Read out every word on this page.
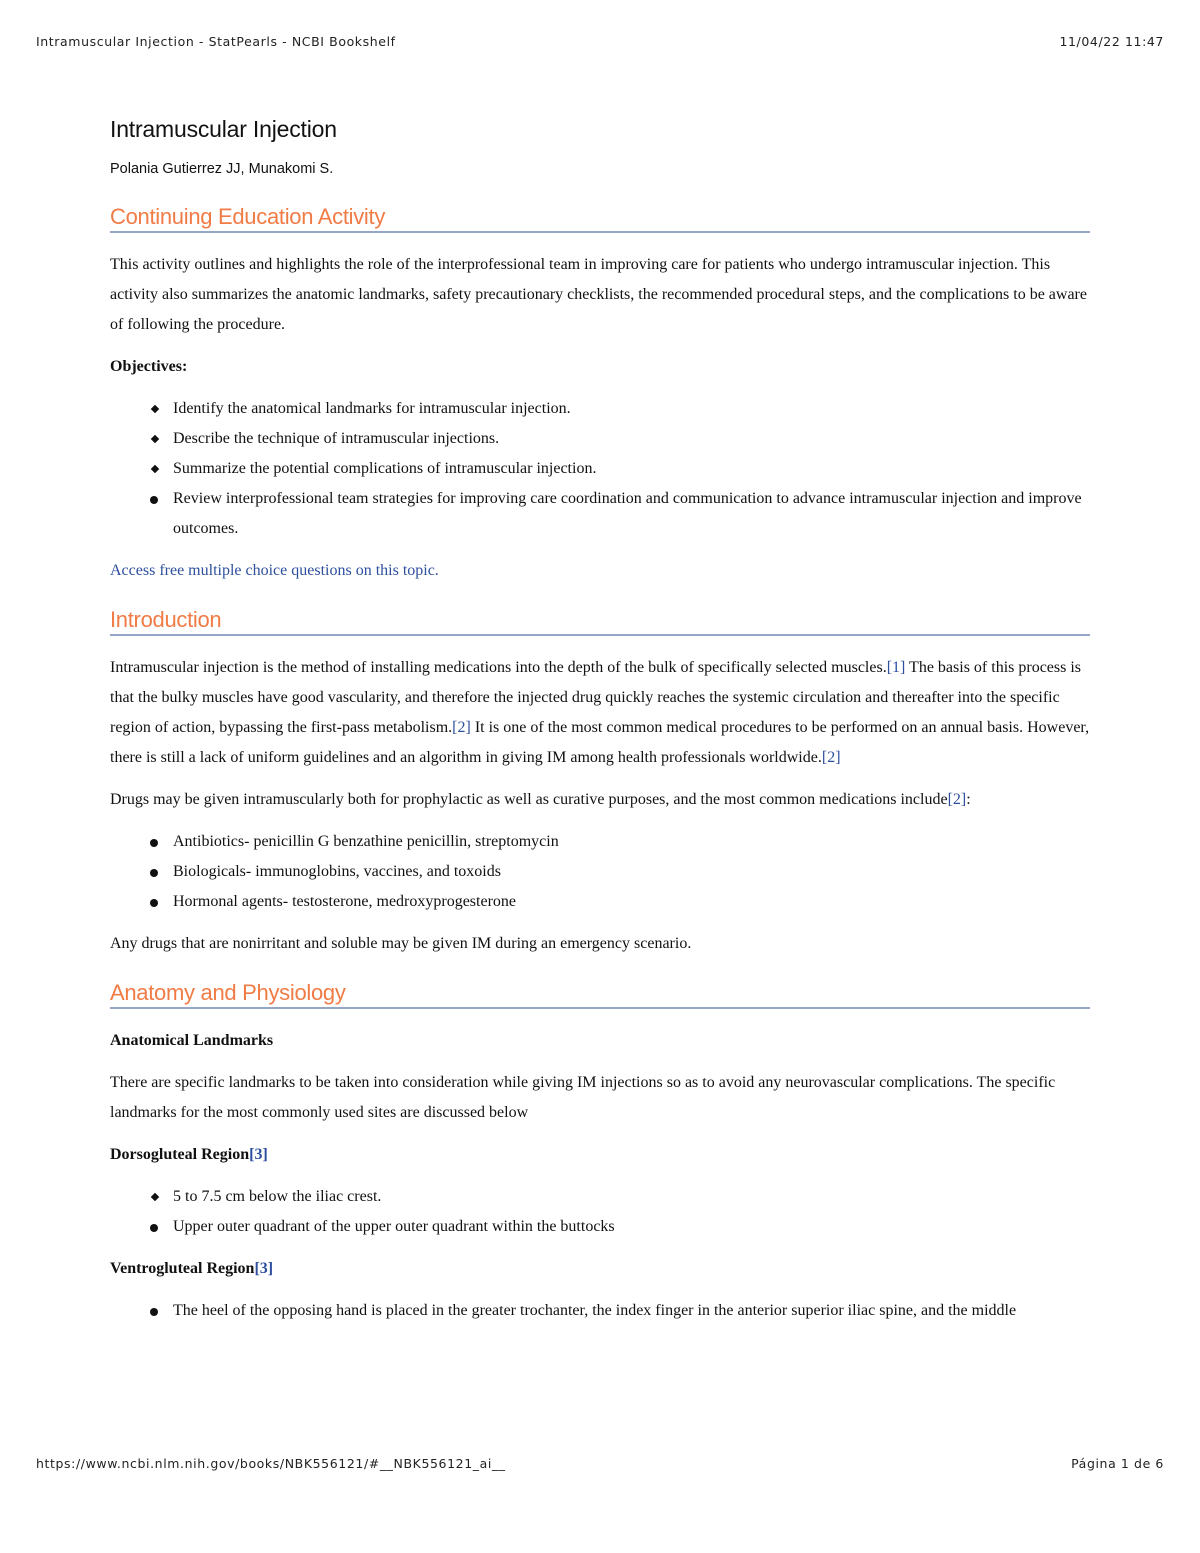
Intramuscular Injection - StatPearls - NCBI Bookshelf	11/04/22 11:47
Intramuscular Injection
Polania Gutierrez JJ, Munakomi S.
Continuing Education Activity

This activity outlines and highlights the role of the interprofessional team in improving care for patients who undergo intramuscular injection. This activity also summarizes the anatomic landmarks, safety precautionary checklists, the recommended procedural steps, and the complications to be aware of following the procedure.

Objectives:
Identify the anatomical landmarks for intramuscular injection.
Describe the technique of intramuscular injections.
Summarize the potential complications of intramuscular injection.
Review interprofessional team strategies for improving care coordination and communication to advance intramuscular injection and improve outcomes.

Access free multiple choice questions on this topic.

Introduction

Intramuscular injection is the method of installing medications into the depth of the bulk of specifically selected muscles.[1] The basis of this process is that the bulky muscles have good vascularity, and therefore the injected drug quickly reaches the systemic circulation and thereafter into the specific region of action, bypassing the first-pass metabolism.[2] It is one of the most common medical procedures to be performed on an annual basis. However, there is still a lack of uniform guidelines and an algorithm in giving IM among health professionals worldwide.[2]

Drugs may be given intramuscularly both for prophylactic as well as curative purposes, and the most common medications include[2]:

Antibiotics- penicillin G benzathine penicillin, streptomycin
Biologicals- immunoglobins, vaccines, and toxoids
Hormonal agents- testosterone, medroxyprogesterone

Any drugs that are nonirritant and soluble may be given IM during an emergency scenario.

Anatomy and Physiology
Anatomical Landmarks

There are specific landmarks to be taken into consideration while giving IM injections so as to avoid any neurovascular complications. The specific landmarks for the most commonly used sites are discussed below

Dorsogluteal Region[3]
5 to 7.5 cm below the iliac crest.
Upper outer quadrant of the upper outer quadrant within the buttocks
Ventrogluteal Region[3]
The heel of the opposing hand is placed in the greater trochanter, the index finger in the anterior superior iliac spine, and the middle
https://www.ncbi.nlm.nih.gov/books/NBK556121/#__NBK556121_ai__	Página 1 de 6
